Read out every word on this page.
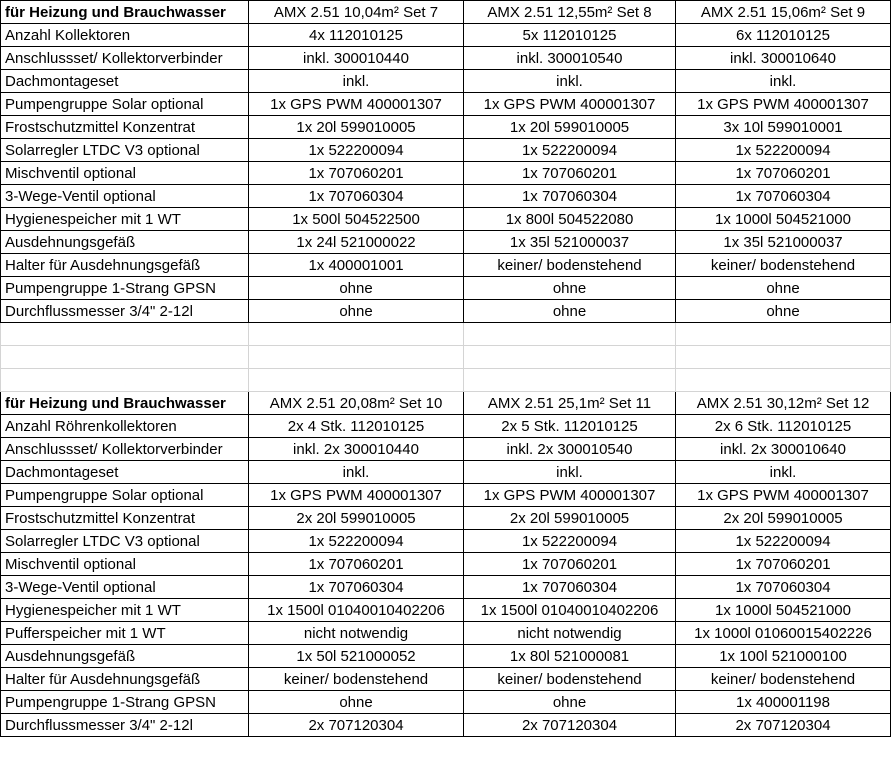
für Heizung und Brauchwasser	AMX 2.51 10,04m² Set 7	AMX 2.51 12,55m² Set 8	AMX 2.51 15,06m² Set 9
Anzahl Kollektoren	4x 112010125	5x 112010125	6x 112010125
Anschlussset/ Kollektorverbinder	inkl. 300010440	inkl. 300010540	inkl. 300010640
Dachmontageset	inkl.	inkl.	inkl.
Pumpengruppe Solar optional	1x GPS PWM 400001307	1x GPS PWM 400001307	1x GPS PWM 400001307
Frostschutzmittel Konzentrat	1x 20l 599010005	1x 20l 599010005	3x 10l 599010001
Solarregler LTDC V3 optional	1x 522200094	1x 522200094	1x 522200094
Mischventil optional	1x 707060201	1x 707060201	1x 707060201
3-Wege-Ventil optional	1x 707060304	1x 707060304	1x 707060304
Hygienespeicher mit 1 WT	1x 500l 504522500	1x 800l 504522080	1x 1000l 504521000
Ausdehnungsgefäß	1x 24l 521000022	1x 35l 521000037	1x 35l 521000037
Halter für Ausdehnungsgefäß	1x 400001001	keiner/ bodenstehend	keiner/ bodenstehend
Pumpengruppe 1-Strang GPSN	ohne	ohne	ohne
Durchflussmesser 3/4" 2-12l	ohne	ohne	ohne

für Heizung und Brauchwasser	AMX 2.51 20,08m² Set 10	AMX 2.51 25,1m² Set 11	AMX 2.51 30,12m² Set 12
Anzahl Röhrenkollektoren	2x 4 Stk. 112010125	2x 5 Stk. 112010125	2x 6 Stk. 112010125
Anschlussset/ Kollektorverbinder	inkl. 2x 300010440	inkl. 2x 300010540	inkl. 2x 300010640
Dachmontageset	inkl.	inkl.	inkl.
Pumpengruppe Solar optional	1x GPS PWM 400001307	1x GPS PWM 400001307	1x GPS PWM 400001307
Frostschutzmittel Konzentrat	2x 20l 599010005	2x 20l 599010005	2x 20l 599010005
Solarregler LTDC V3 optional	1x 522200094	1x 522200094	1x 522200094
Mischventil optional	1x 707060201	1x 707060201	1x 707060201
3-Wege-Ventil optional	1x 707060304	1x 707060304	1x 707060304
Hygienespeicher mit 1 WT	1x 1500l 01040010402206	1x 1500l 01040010402206	1x 1000l 504521000
Pufferspeicher mit 1 WT	nicht notwendig	nicht notwendig	1x 1000l 01060015402226
Ausdehnungsgefäß	1x 50l 521000052	1x 80l 521000081	1x 100l 521000100
Halter für Ausdehnungsgefäß	keiner/ bodenstehend	keiner/ bodenstehend	keiner/ bodenstehend
Pumpengruppe 1-Strang GPSN	ohne	ohne	1x 400001198
Durchflussmesser 3/4" 2-12l	2x 707120304	2x 707120304	2x 707120304
